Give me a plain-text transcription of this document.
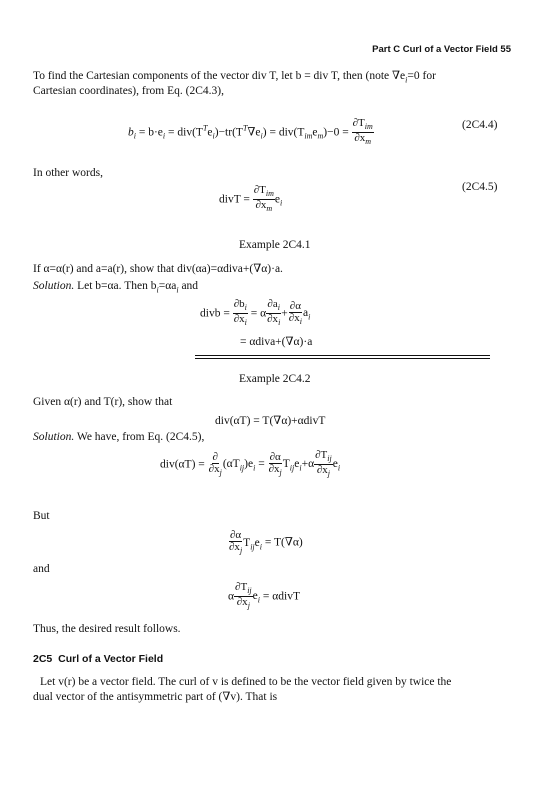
Part C Curl of a Vector Field 55
To find the Cartesian components of the vector div T, let b = div T, then (note $\nabla e_i=0$ for
Cartesian coordinates), from Eq. (2C4.3),
$b_i = b\cdot e_i = div(T^Te_i)-tr(T^T\nabla e_i) = div(T_{im}e_m)-0 = \frac{\partial T_{im}}{\partial x_m}$	(2C4.4)
In other words,
divT = $\frac{\partial T_{im}}{\partial x_m} e_i$
(2C4.5)
Example 2C4.1
If α=α(r) and a=a(r), show that div(αa)=αdiva+(∇α)·a.
Solution. Let b=αa. Then $b_i=\alpha a_i$ and
divb = $\frac{\partial b_i}{\partial x_i} = \alpha \frac{\partial a_i}{\partial x_i} + \frac{\partial\alpha}{\partial x_i} a_i$
= αdiva+(∇α)·a
Example 2C4.2
Given α(r) and T(r), show that
div(αT) = T(∇α)+αdivT
Solution. We have, from Eq. (2C4.5),
$div(\alpha T) = \frac{\partial}{\partial x_j} (\alpha T_{ij})e_i = \frac{\partial\alpha}{\partial x_j} T_{ij}e_i+\alpha \frac{\partial T_{ij}}{\partial x_j} e_i$
But
$\frac{\partial\alpha}{\partial x_j} T_{ij}e_i = T(\nabla\alpha)$
and
α $\frac{\partial T_{ij}}{\partial x_j} e_i$ = αdivT
Thus, the desired result follows.
2C5 Curl of a Vector Field
Let v(r) be a vector field. The curl of v is defined to be the vector field given by twice the
dual vector of the antisymmetric part of (∇v). That is
